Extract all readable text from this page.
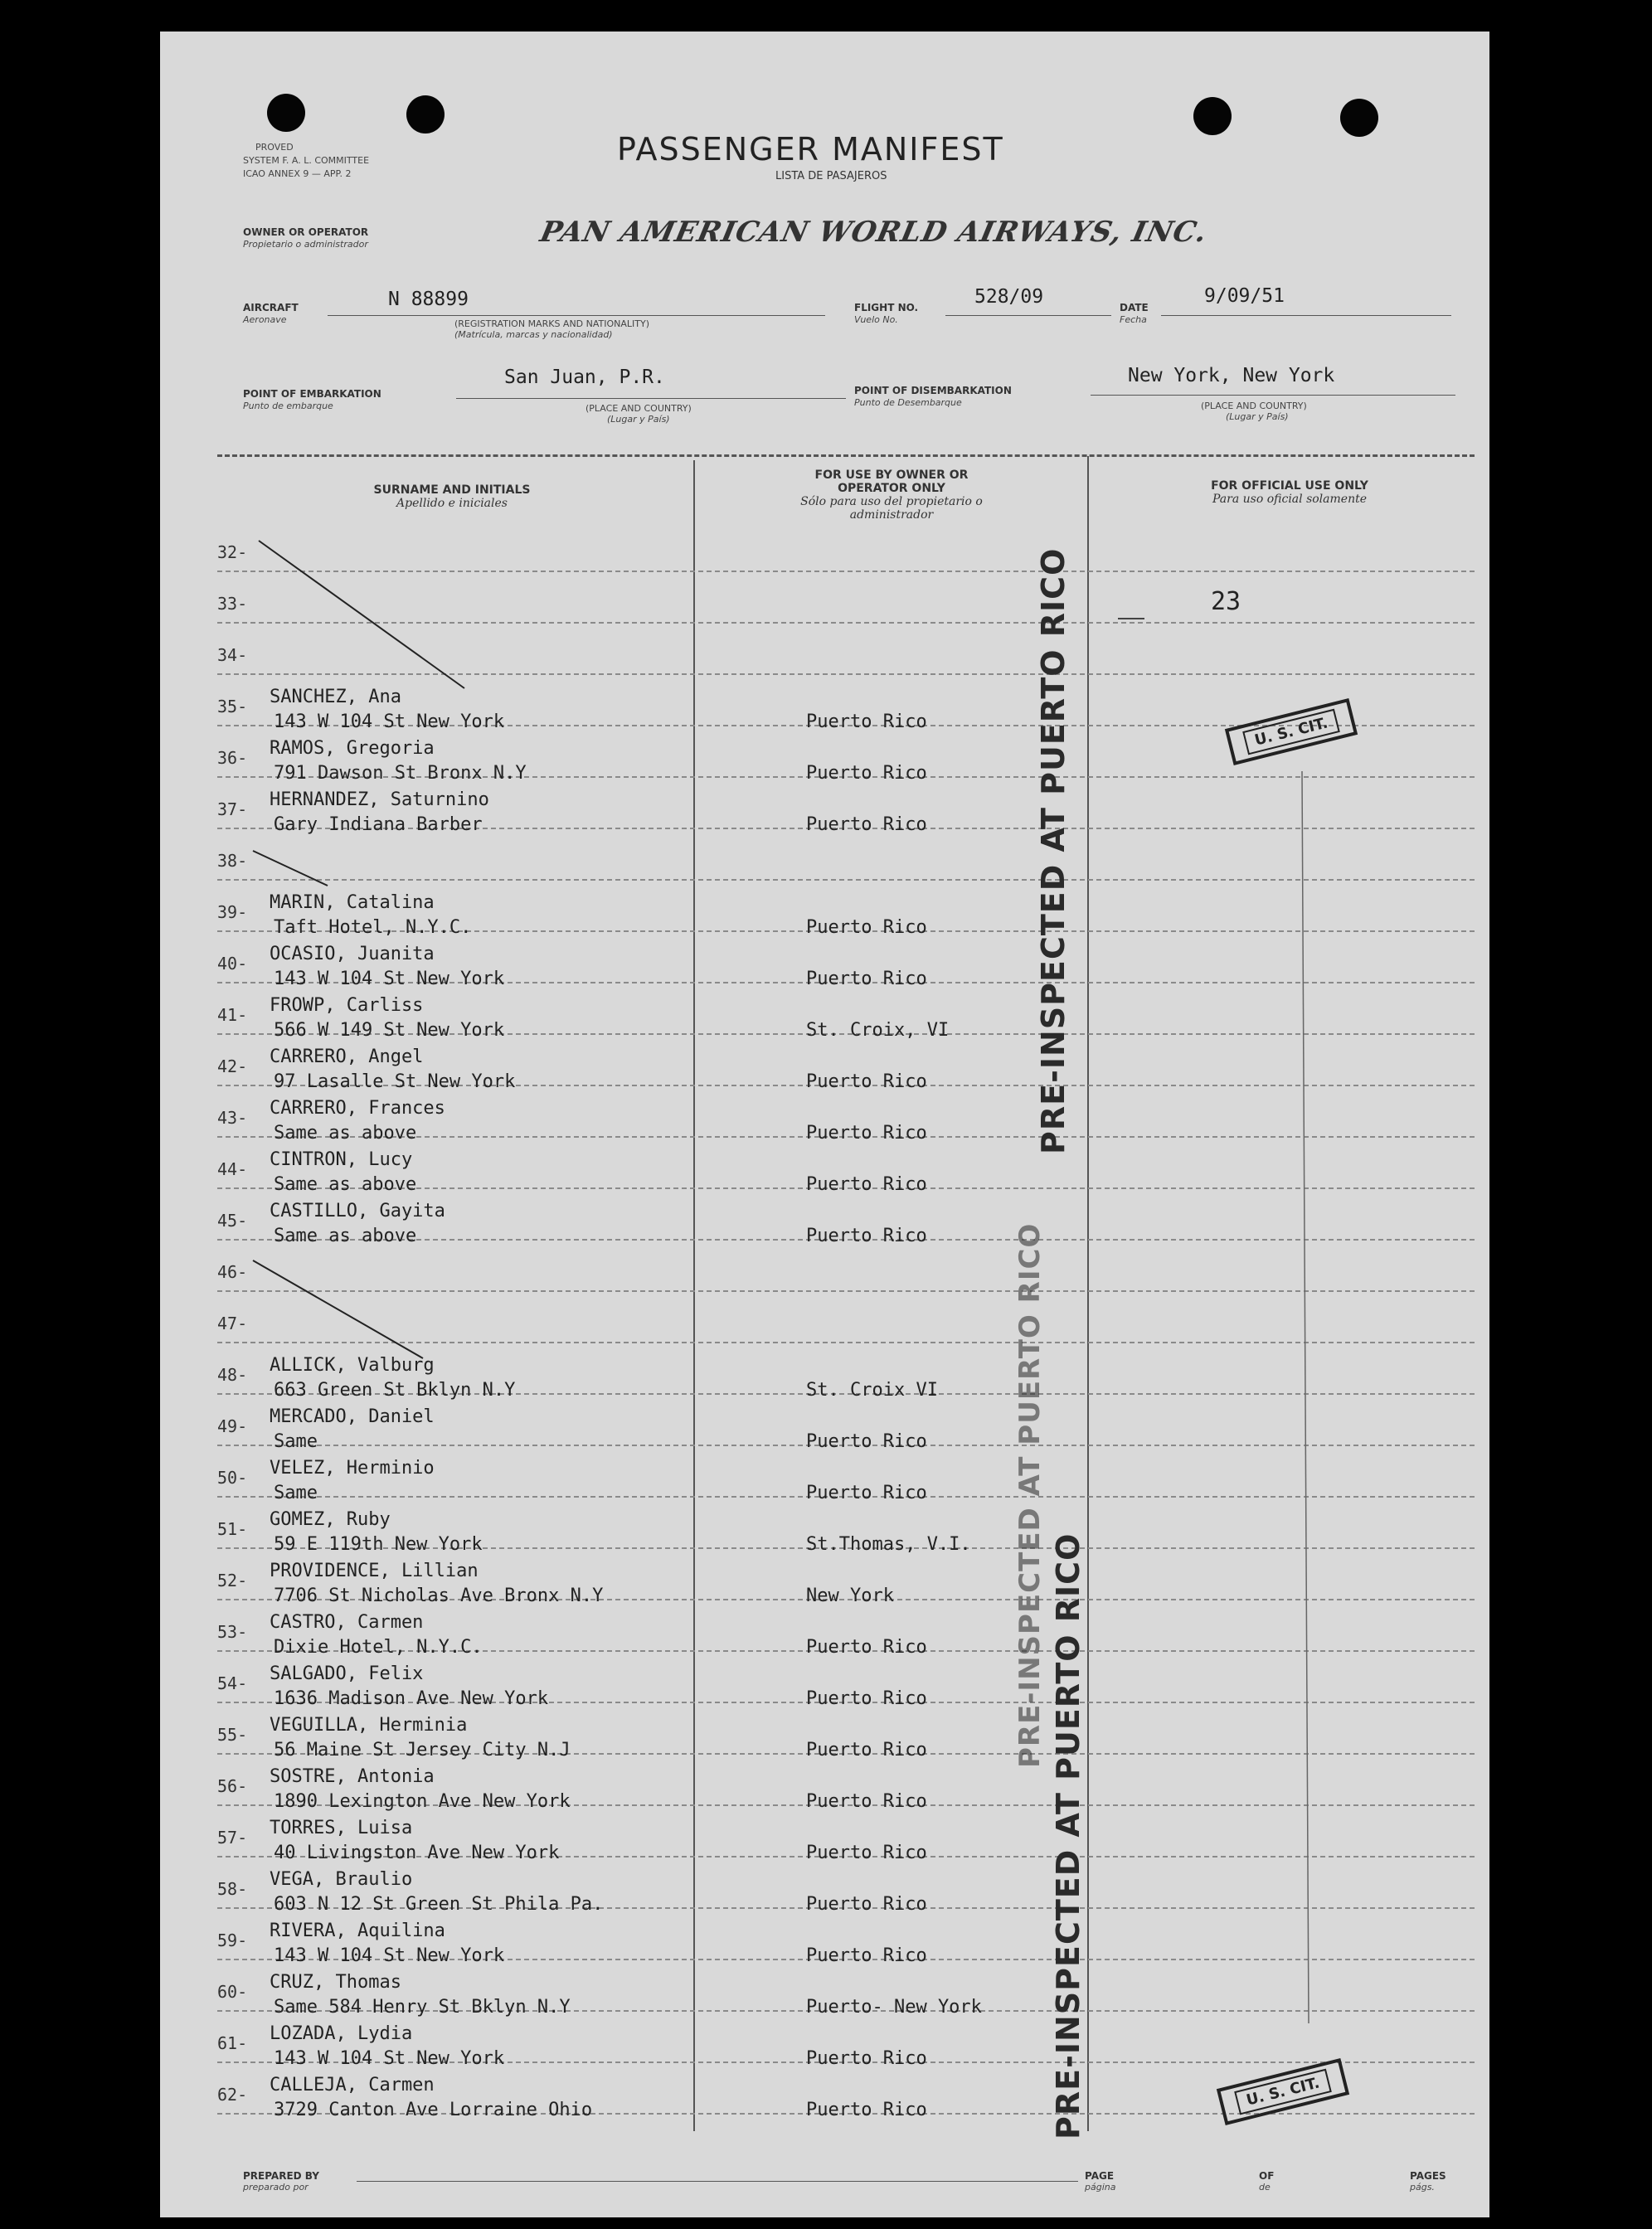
PROVED
SYSTEM F. A. L. COMMITTEE
ICAO ANNEX 9 — APP. 2
PASSENGER MANIFEST
LISTA DE PASAJEROS
OWNER OR OPERATOR
Propietario o administrador	PAN AMERICAN WORLD AIRWAYS, INC.
AIRCRAFT
Aeronave
N 88899
(REGISTRATION MARKS AND NATIONALITY)
(Matrícula, marcas y nacionalidad)
FLIGHT NO.
Vuelo No.
528/09	DATE
Fecha
9/09/51
POINT OF EMBARKATION
Punto de embarque
San Juan, P.R.
(PLACE AND COUNTRY)
(Lugar y País)
POINT OF DISEMBARKATION
Punto de Desembarque
New York, New York
(PLACE AND COUNTRY)
(Lugar y País)
SURNAME AND INITIALS
Apellido e iniciales
FOR USE BY OWNER OR OPERATOR ONLY
Sólo para uso del propietario o administrador
FOR OFFICIAL USE ONLY
Para uso oficial solamente
32-
33-
34-
35- SANCHEZ, Ana
143 W 104 St New York	Puerto Rico
36- RAMOS, Gregoria
791 Dawson St Bronx N.Y	Puerto Rico
37- HERNANDEZ, Saturnino
Gary Indiana Barber	Puerto Rico
38-
39- MARIN, Catalina
Taft Hotel, N.Y.C.	Puerto Rico
40- OCASIO, Juanita
143 W 104 St New York	Puerto Rico
41- FROWP, Carliss
566 W 149 St New York	St. Croix, VI
42- CARRERO, Angel
97 Lasalle St New York	Puerto Rico
43- CARRERO, Frances
Same as above	Puerto Rico
44- CINTRON, Lucy
Same as above	Puerto Rico
45- CASTILLO, Gayita
Same as above	Puerto Rico
46-
47-
48- ALLICK, Valburg
663 Green St Bklyn N.Y	St. Croix VI
49- MERCADO, Daniel
Same	Puerto Rico
50- VELEZ, Herminio
Same	Puerto Rico
51- GOMEZ, Ruby
59 E 119th New York	St.Thomas, V.I.
52- PROVIDENCE, Lillian
7706 St Nicholas Ave Bronx N.Y	New York
53- CASTRO, Carmen
Dixie Hotel, N.Y.C.	Puerto Rico
54- SALGADO, Felix
1636 Madison Ave New York	Puerto Rico
55- VEGUILLA, Herminia
56 Maine St Jersey City N.J	Puerto Rico
56- SOSTRE, Antonia
1890 Lexington Ave New York	Puerto Rico
57- TORRES, Luisa
40 Livingston Ave New York	Puerto Rico
58- VEGA, Braulio
603 N 12 St Green St Phila Pa.	Puerto Rico
59- RIVERA, Aquilina
143 W 104 St New York	Puerto Rico
60- CRUZ, Thomas
Same 584 Henry St Bklyn N.Y	Puerto- New York
61- LOZADA, Lydia
143 W 104 St New York	Puerto Rico
62- CALLEJA, Carmen
3729 Canton Ave Lorraine Ohio	Puerto Rico
23
PRE-INSPECTED AT PUERTO RICO
PRE-INSPECTED AT PUERTO RICO
PRE-INSPECTED AT PUERTO RICO
U. S. CIT.
U. S. CIT.
PREPARED BY
preparado por
PAGE
página
OF
de
PAGES
págs.
